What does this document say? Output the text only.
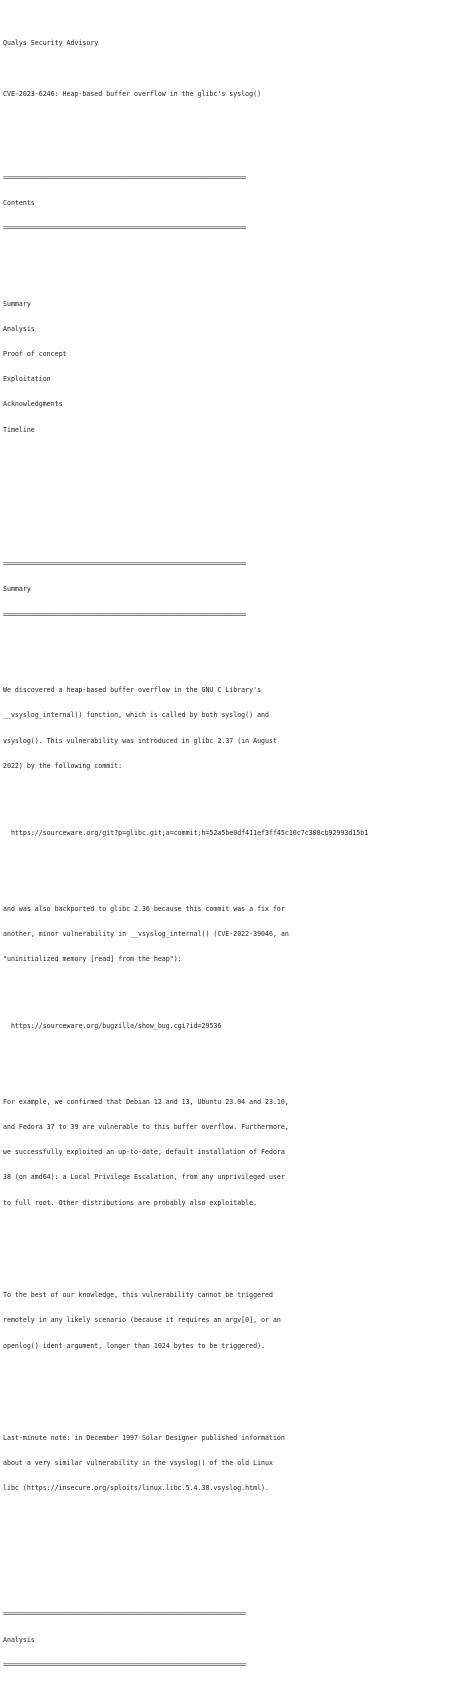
Qualys Security Advisory

CVE-2023-6246: Heap-based buffer overflow in the glibc's syslog()

========================================================================

Contents

========================================================================

Summary

Analysis

Proof of concept

Exploitation

Acknowledgments

Timeline

========================================================================

Summary

========================================================================

We discovered a heap-based buffer overflow in the GNU C Library's

__vsyslog_internal() function, which is called by both syslog() and

vsyslog(). This vulnerability was introduced in glibc 2.37 (in August

2022) by the following commit:

https://sourceware.org/git?p=glibc.git;a=commit;h=52a5be0df411ef3ff45c10c7c308cb92993d15b1

and was also backported to glibc 2.36 because this commit was a fix for

another, minor vulnerability in __vsyslog_internal() (CVE-2022-39046, an

"uninitialized memory [read] from the heap"):

https://sourceware.org/bugzilla/show_bug.cgi?id=29536

For example, we confirmed that Debian 12 and 13, Ubuntu 23.04 and 23.10,

and Fedora 37 to 39 are vulnerable to this buffer overflow. Furthermore,

we successfully exploited an up-to-date, default installation of Fedora

38 (on amd64): a Local Privilege Escalation, from any unprivileged user

to full root. Other distributions are probably also exploitable.

To the best of our knowledge, this vulnerability cannot be triggered

remotely in any likely scenario (because it requires an argv[0], or an

openlog() ident argument, longer than 1024 bytes to be triggered).

Last-minute note: in December 1997 Solar Designer published information

about a very similar vulnerability in the vsyslog() of the old Linux

libc (https://insecure.org/sploits/linux.libc.5.4.38.vsyslog.html).

========================================================================

Analysis

========================================================================
